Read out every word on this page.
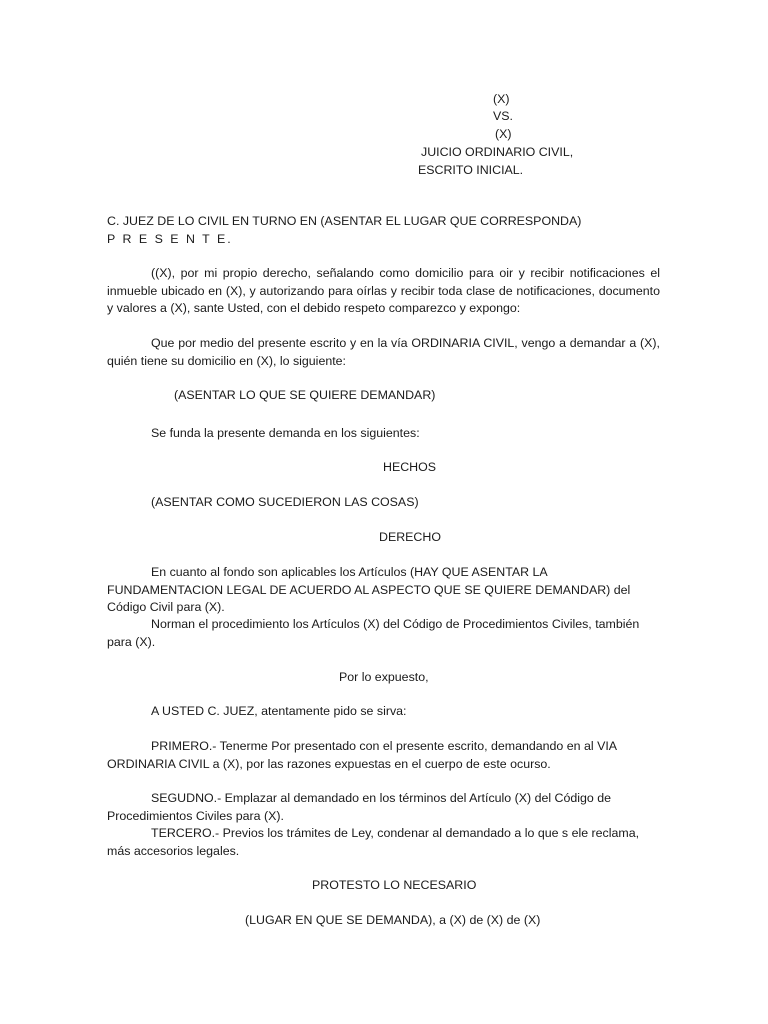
(X)
VS.
(X)
JUICIO ORDINARIO CIVIL,
ESCRITO INICIAL.
C. JUEZ DE LO CIVIL EN TURNO EN (ASENTAR EL LUGAR QUE CORRESPONDA)
P R E S E N T E.
((X), por mi propio derecho, señalando como domicilio para oir y recibir notificaciones el inmueble ubicado en (X), y autorizando para oírlas y recibir toda clase de notificaciones, documento y valores a (X), sante Usted, con el debido respeto comparezco y expongo:
Que por medio del presente escrito y en la vía ORDINARIA CIVIL, vengo a demandar a (X), quién tiene su domicilio en (X), lo siguiente:
(ASENTAR LO QUE SE QUIERE DEMANDAR)
Se funda la presente demanda en los siguientes:
HECHOS
(ASENTAR COMO SUCEDIERON LAS COSAS)
DERECHO
En cuanto al fondo son aplicables los Artículos (HAY QUE ASENTAR LA FUNDAMENTACION LEGAL DE ACUERDO AL ASPECTO QUE SE QUIERE DEMANDAR) del Código Civil para (X).
Norman el procedimiento los Artículos (X) del Código de Procedimientos Civiles, también para (X).
Por lo expuesto,
A USTED C. JUEZ, atentamente pido se sirva:
PRIMERO.- Tenerme Por presentado con el presente escrito, demandando en al VIA ORDINARIA CIVIL a (X), por las razones expuestas en el cuerpo de este ocurso.
SEGUDNO.- Emplazar al demandado en los términos del Artículo (X) del Código de Procedimientos Civiles para (X).
TERCERO.- Previos los trámites de Ley, condenar al demandado a lo que s ele reclama, más accesorios legales.
PROTESTO LO NECESARIO
(LUGAR EN QUE SE DEMANDA), a (X) de (X) de (X)
